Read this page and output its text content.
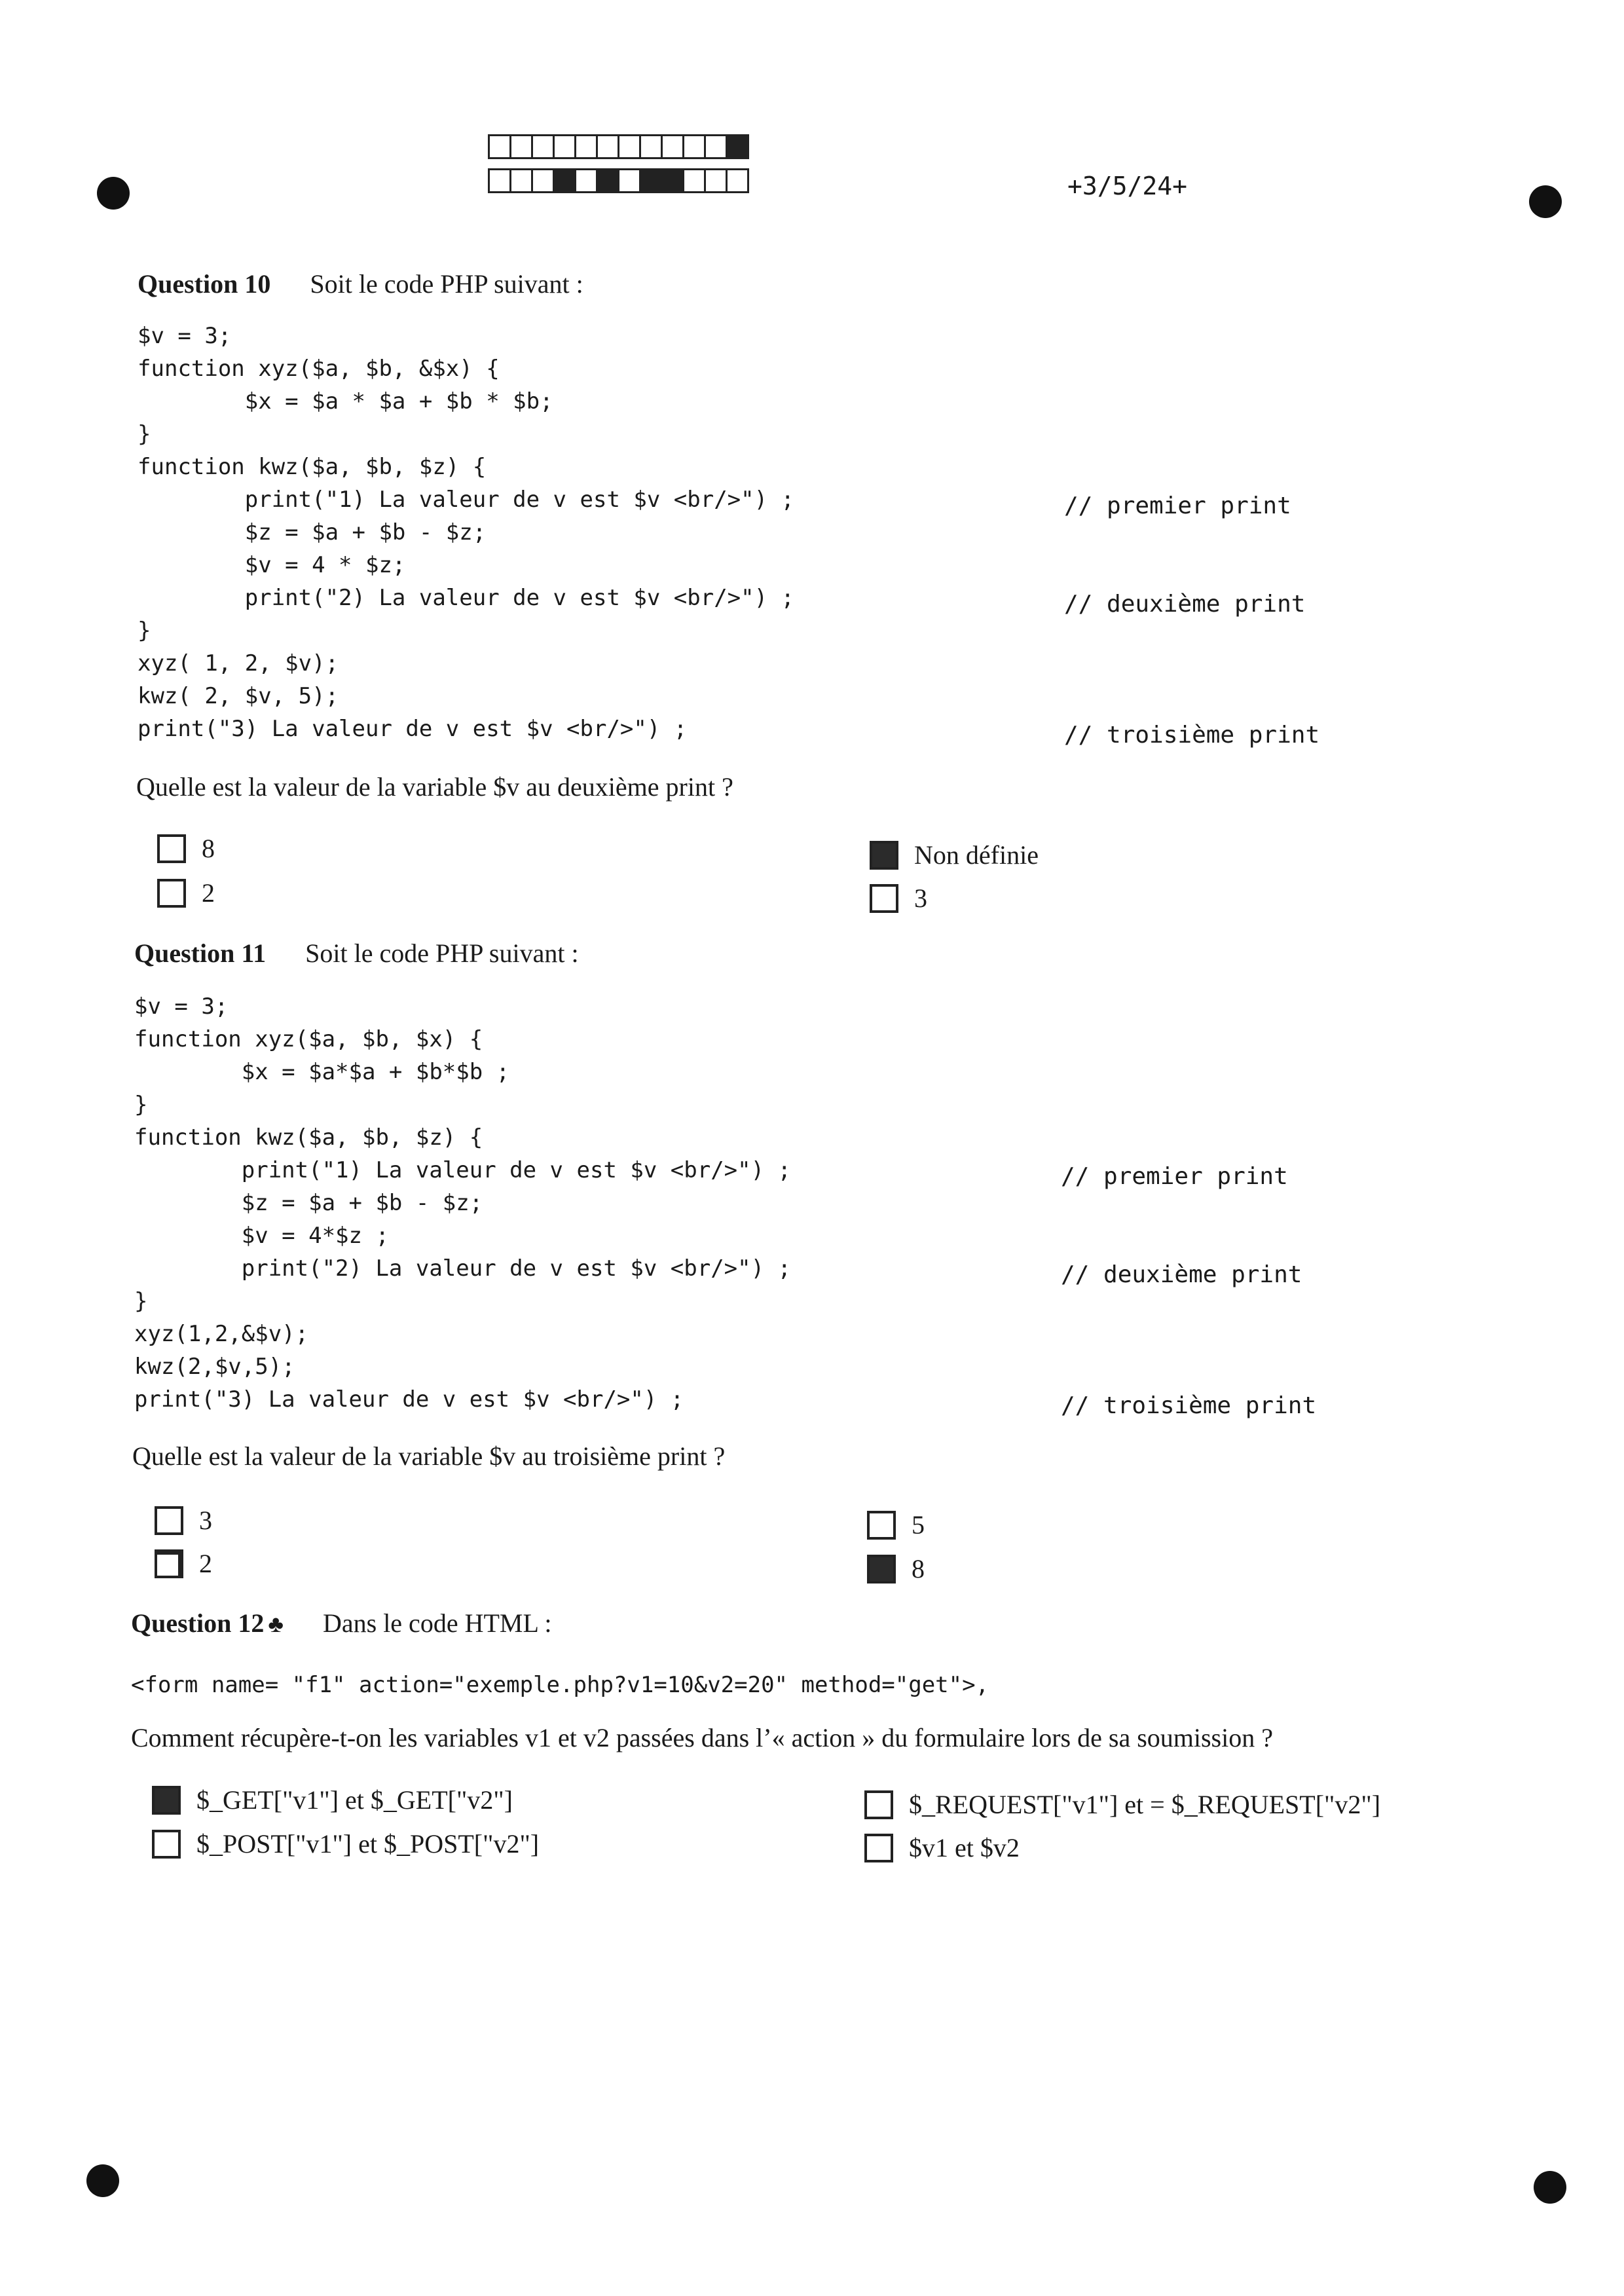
+3/5/24+
Question 10 Soit le code PHP suivant :
$v = 3;
function xyz($a, $b, &$x) {
$x = $a * $a + $b * $b;
}
function kwz($a, $b, $z) {
print("1) La valeur de v est $v <br/>") ;
$z = $a + $b - $z;
$v = 4 * $z;
print("2) La valeur de v est $v <br/>") ;
}
xyz( 1, 2, $v);
kwz( 2, $v, 5);
print("3) La valeur de v est $v <br/>") ;
// premier print
// deuxième print
// troisième print
Quelle est la valeur de la variable $v au deuxième print ?
8
2
Non définie
3
Question 11 Soit le code PHP suivant :
$v = 3;
function xyz($a, $b, $x) {
$x = $a*$a + $b*$b ;
}
function kwz($a, $b, $z) {
print("1) La valeur de v est $v <br/>") ;
$z = $a + $b - $z;
$v = 4*$z ;
print("2) La valeur de v est $v <br/>") ;
}
xyz(1,2,&$v);
kwz(2,$v,5);
print("3) La valeur de v est $v <br/>") ;
// premier print
// deuxième print
// troisième print
Quelle est la valeur de la variable $v au troisième print ?
3
2
5
8
Question 12 ♣ Dans le code HTML :
<form name= "f1" action="exemple.php?v1=10&v2=20" method="get">,
Comment récupère-t-on les variables v1 et v2 passées dans l’« action » du formulaire lors de sa soumission ?
$_GET["v1"] et $_GET["v2"]
$_POST["v1"] et $_POST["v2"]
$_REQUEST["v1"] et = $_REQUEST["v2"]
$v1 et $v2
